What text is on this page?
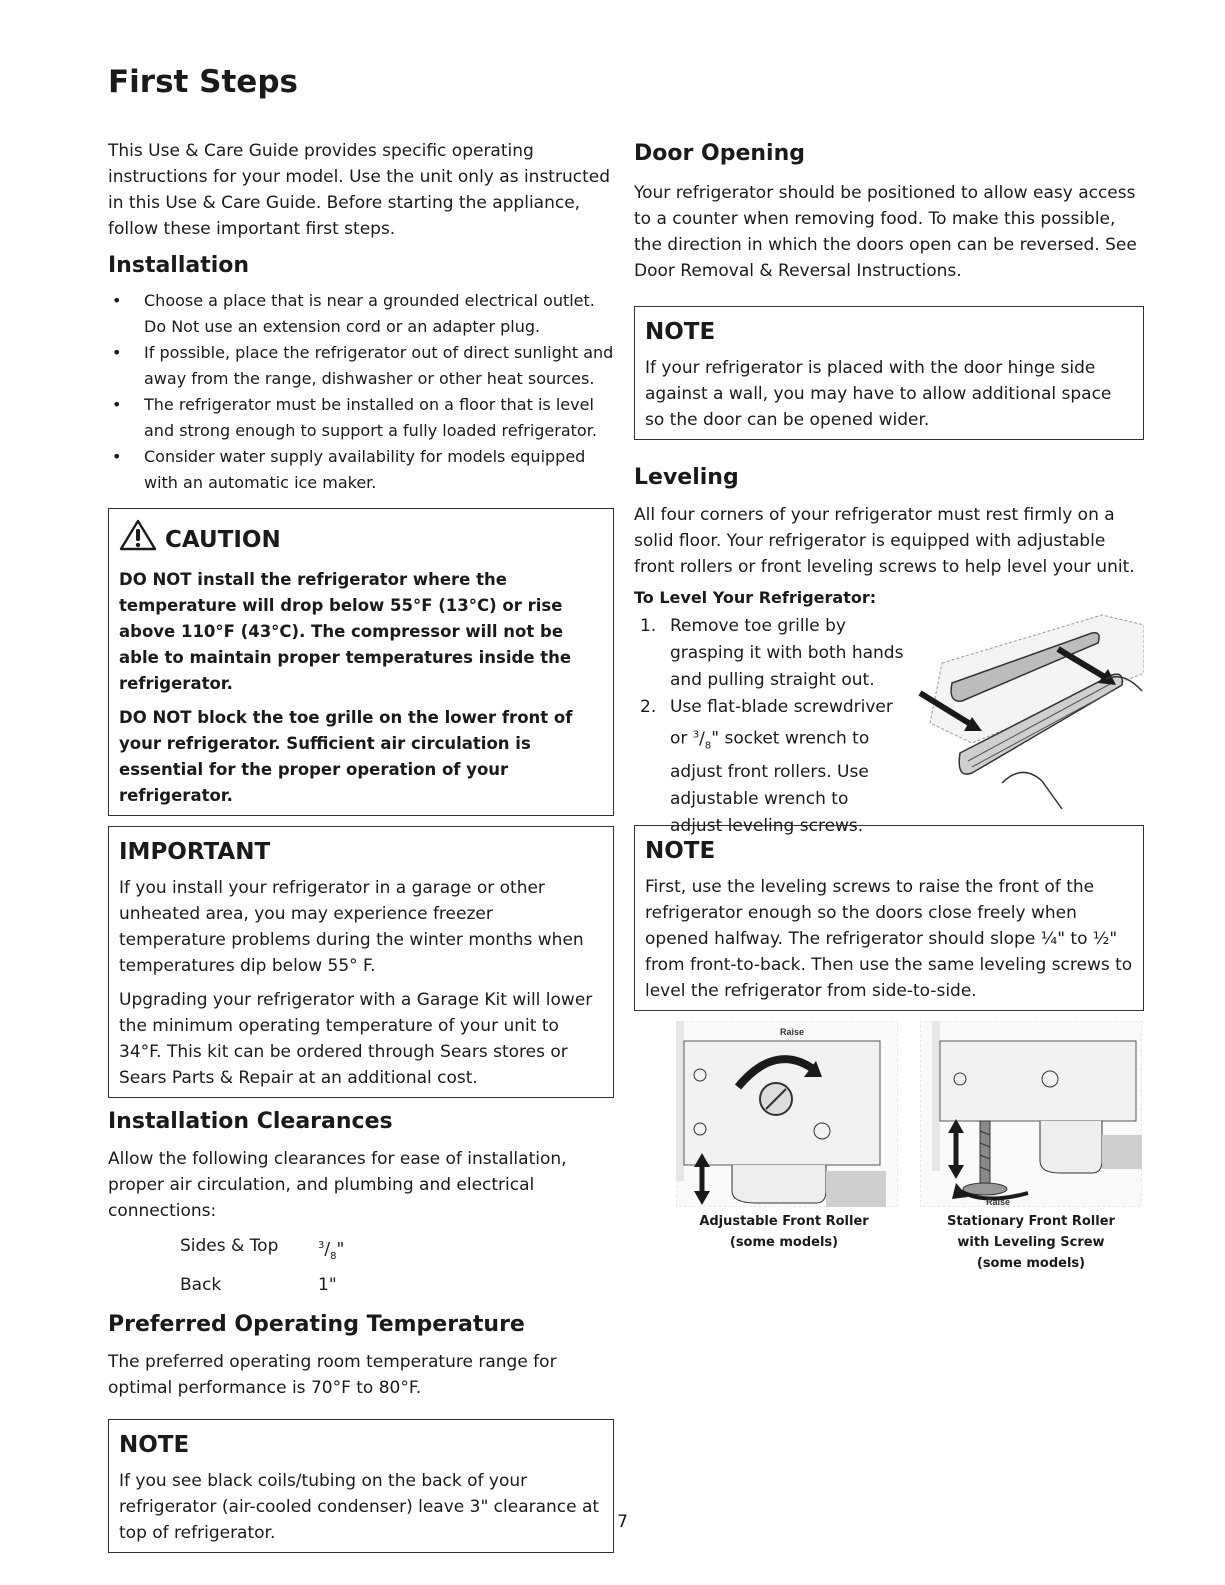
First Steps

This Use & Care Guide provides specific operating instructions for your model. Use the unit only as instructed in this Use & Care Guide. Before starting the appliance, follow these important first steps.

Installation
• Choose a place that is near a grounded electrical outlet. Do Not use an extension cord or an adapter plug.
• If possible, place the refrigerator out of direct sunlight and away from the range, dishwasher or other heat sources.
• The refrigerator must be installed on a floor that is level and strong enough to support a fully loaded refrigerator.
• Consider water supply availability for models equipped with an automatic ice maker.
CAUTION

DO NOT install the refrigerator where the temperature will drop below 55°F (13°C) or rise above 110°F (43°C). The compressor will not be able to maintain proper temperatures inside the refrigerator.

DO NOT block the toe grille on the lower front of your refrigerator. Sufficient air circulation is essential for the proper operation of your refrigerator.

IMPORTANT

If you install your refrigerator in a garage or other unheated area, you may experience freezer temperature problems during the winter months when temperatures dip below 55° F.

Upgrading your refrigerator with a Garage Kit will lower the minimum operating temperature of your unit to 34°F. This kit can be ordered through Sears stores or Sears Parts & Repair at an additional cost.

Installation Clearances

Allow the following clearances for ease of installation, proper air circulation, and plumbing and electrical connections:

Sides & Top	$^3/_8$"
Back	1"
Preferred Operating Temperature

The preferred operating room temperature range for optimal performance is 70°F to 80°F.

NOTE

If you see black coils/tubing on the back of your refrigerator (air-cooled condenser) leave 3" clearance at top of refrigerator.

Door Opening

Your refrigerator should be positioned to allow easy access to a counter when removing food. To make this possible, the direction in which the doors open can be reversed. See Door Removal & Reversal Instructions.

NOTE

If your refrigerator is placed with the door hinge side against a wall, you may have to allow additional space so the door can be opened wider.

Leveling

All four corners of your refrigerator must rest firmly on a solid floor. Your refrigerator is equipped with adjustable front rollers or front leveling screws to help level your unit.

To Level Your Refrigerator:
1. Remove toe grille by grasping it with both hands and pulling straight out.
2. Use flat-blade screwdriver or $^3/_8$" socket wrench to adjust front rollers. Use adjustable wrench to adjust leveling screws.
NOTE

First, use the leveling screws to raise the front of the refrigerator enough so the doors close freely when opened halfway. The refrigerator should slope ¼" to ½" from front-to-back. Then use the same leveling screws to level the refrigerator from side-to-side.

Raise
Raise
Adjustable Front Roller
(some models)
Stationary Front Roller
with Leveling Screw
(some models)
7
